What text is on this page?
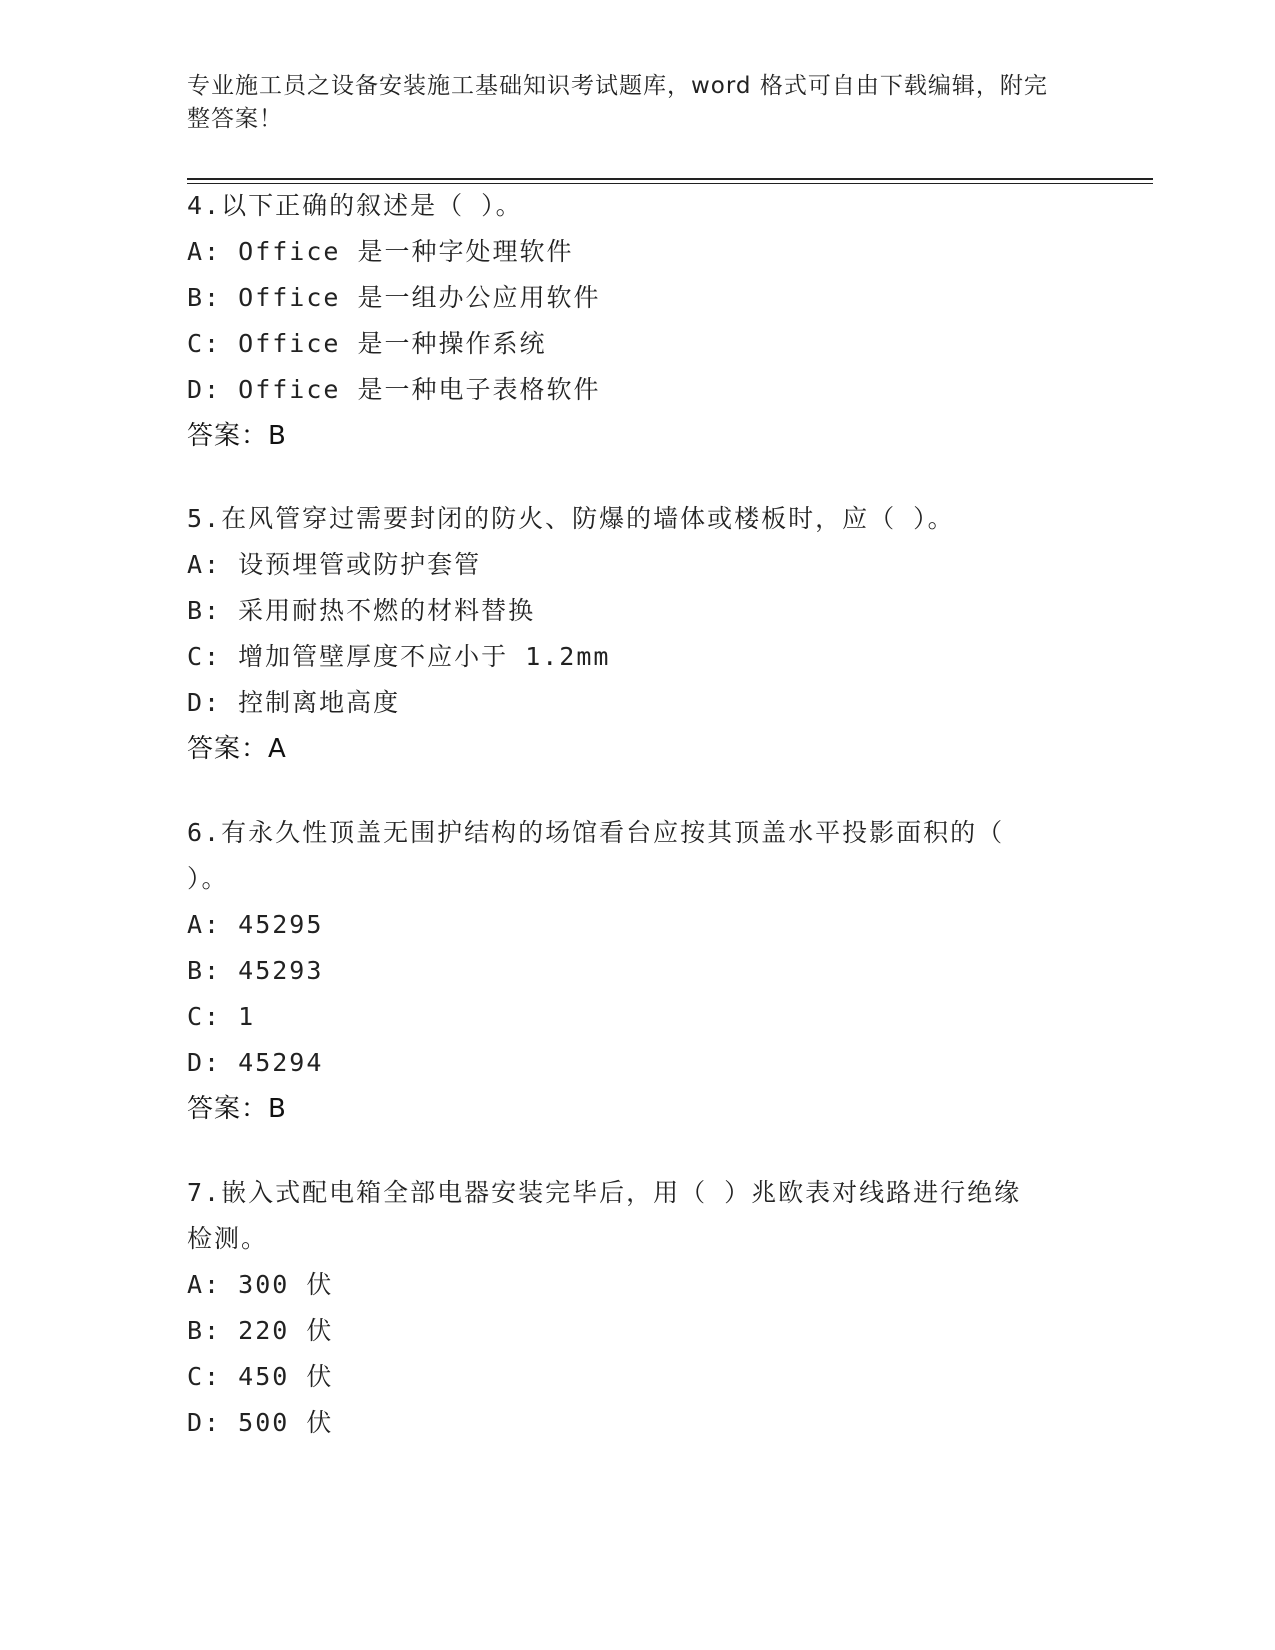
专业施工员之设备安装施工基础知识考试题库，word 格式可自由下载编辑，附完
整答案！
4.以下正确的叙述是（ ）。
A: Office 是一种字处理软件
B: Office 是一组办公应用软件
C: Office 是一种操作系统
D: Office 是一种电子表格软件
答案：B
5.在风管穿过需要封闭的防火、防爆的墙体或楼板时，应（ ）。
A: 设预埋管或防护套管
B: 采用耐热不燃的材料替换
C: 增加管壁厚度不应小于 1.2mm
D: 控制离地高度
答案：A
6.有永久性顶盖无围护结构的场馆看台应按其顶盖水平投影面积的（
）。
A: 45295
B: 45293
C: 1
D: 45294
答案：B
7.嵌入式配电箱全部电器安装完毕后，用（ ）兆欧表对线路进行绝缘
检测。
A: 300 伏
B: 220 伏
C: 450 伏
D: 500 伏
